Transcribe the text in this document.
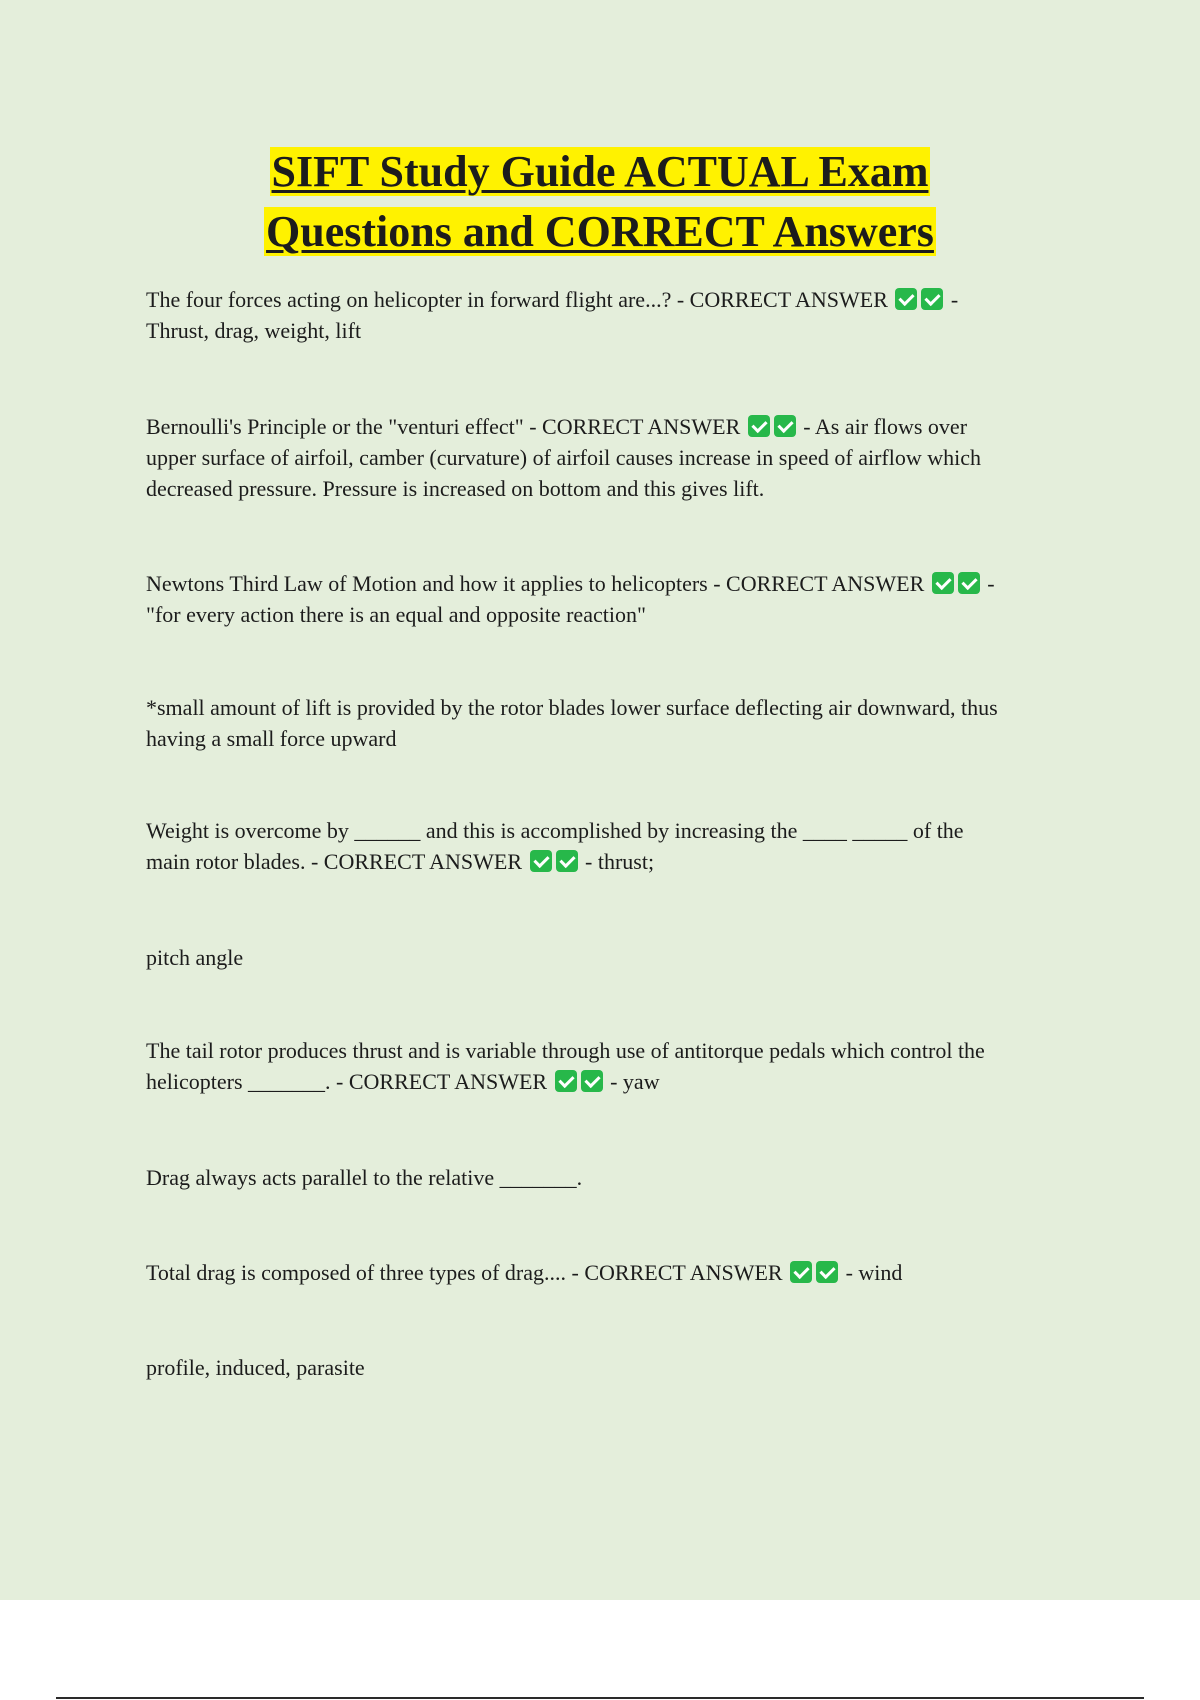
SIFT Study Guide ACTUAL Exam
Questions and CORRECT Answers

The four forces acting on helicopter in forward flight are...? - CORRECT ANSWER	-
Thrust, drag, weight, lift

Bernoulli's Principle or the "venturi effect" - CORRECT ANSWER	- As air flows over
upper surface of airfoil, camber (curvature) of airfoil causes increase in speed of airflow which
decreased pressure. Pressure is increased on bottom and this gives lift.

Newtons Third Law of Motion and how it applies to helicopters - CORRECT ANSWER	-
"for every action there is an equal and opposite reaction"

*small amount of lift is provided by the rotor blades lower surface deflecting air downward, thus
having a small force upward

Weight is overcome by ______ and this is accomplished by increasing the ____ _____ of the
main rotor blades. - CORRECT ANSWER	- thrust;

pitch angle

The tail rotor produces thrust and is variable through use of antitorque pedals which control the
helicopters _______. - CORRECT ANSWER	- yaw

Drag always acts parallel to the relative _______.

Total drag is composed of three types of drag.... - CORRECT ANSWER	- wind

profile, induced, parasite
